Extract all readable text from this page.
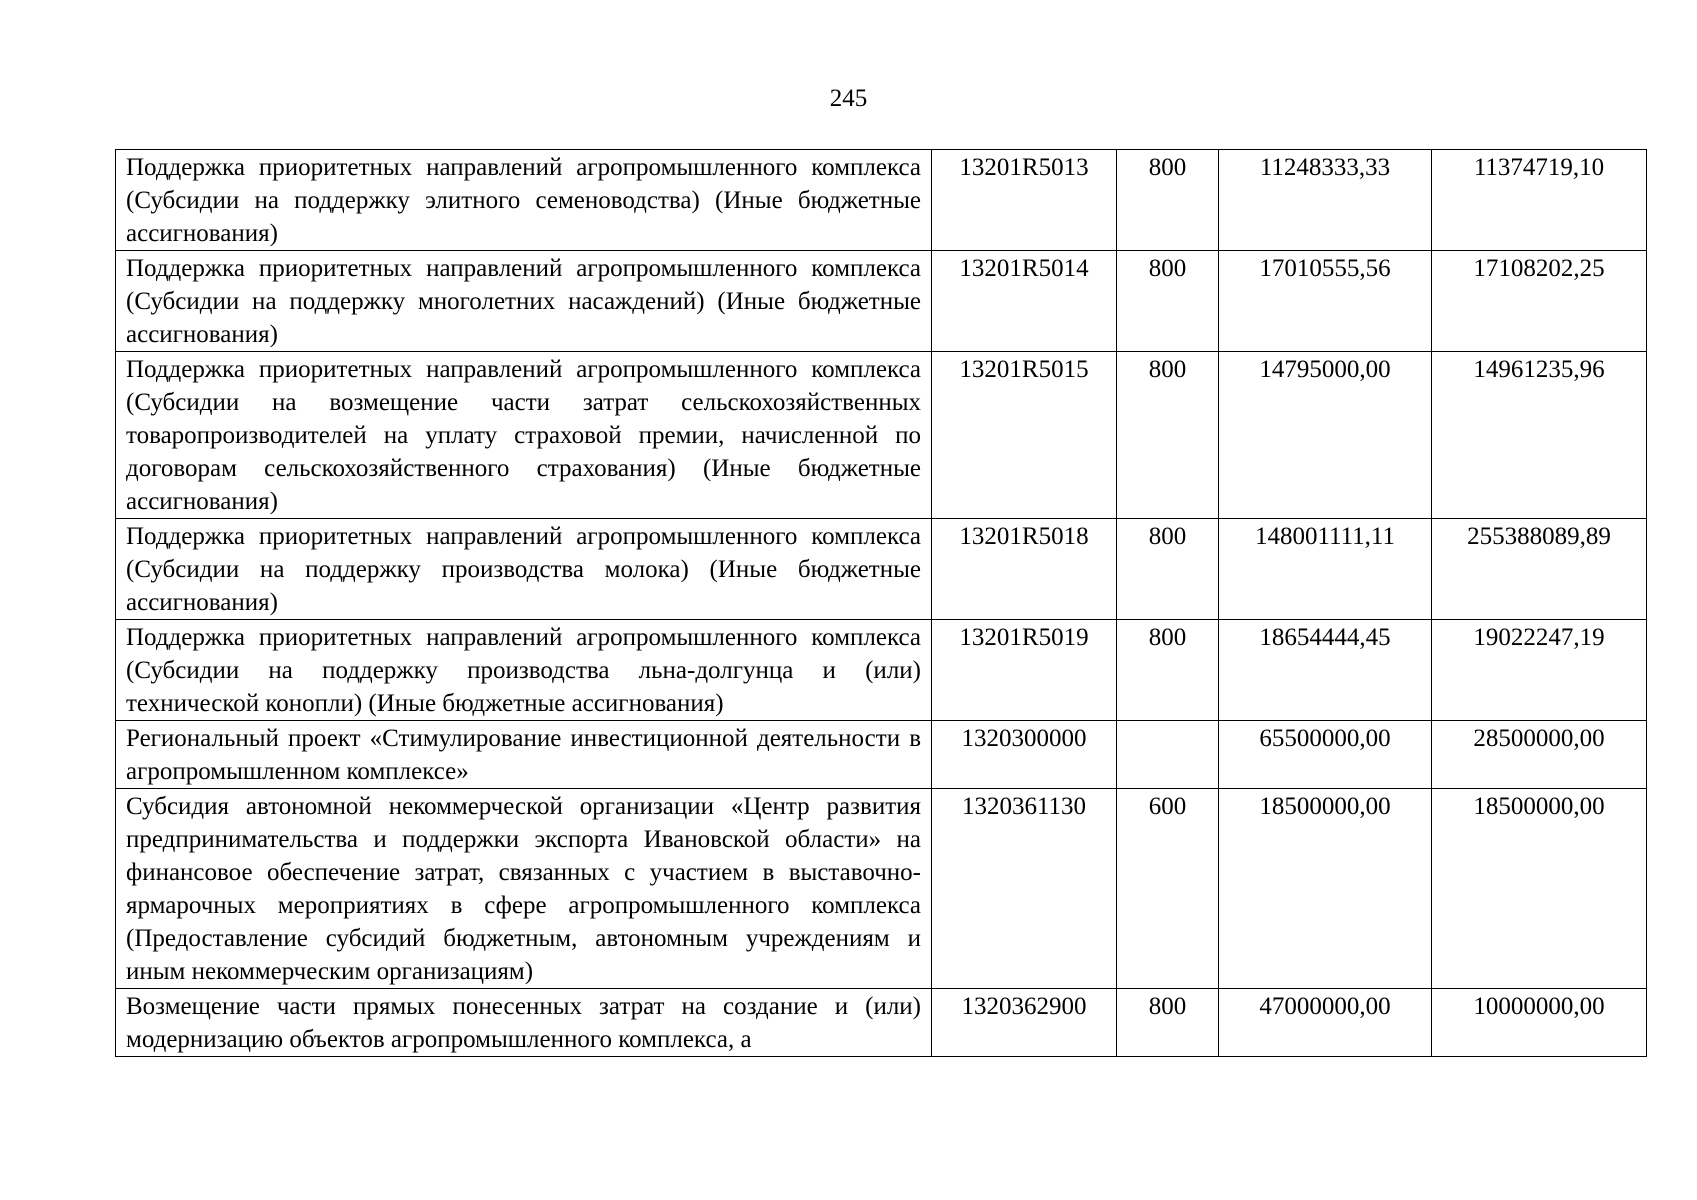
245
Поддержка приоритетных направлений агропромышленного комплекса (Субсидии на поддержку элитного семеноводства) (Иные бюджетные ассигнования)	13201R5013	800	11248333,33	11374719,10
Поддержка приоритетных направлений агропромышленного комплекса (Субсидии на поддержку многолетних насаждений) (Иные бюджетные ассигнования)	13201R5014	800	17010555,56	17108202,25
Поддержка приоритетных направлений агропромышленного комплекса (Субсидии на возмещение части затрат сельскохозяйственных товаропроизводителей на уплату страховой премии, начисленной по договорам сельскохозяйственного страхования) (Иные бюджетные ассигнования)	13201R5015	800	14795000,00	14961235,96
Поддержка приоритетных направлений агропромышленного комплекса (Субсидии на поддержку производства молока) (Иные бюджетные ассигнования)	13201R5018	800	148001111,11	255388089,89
Поддержка приоритетных направлений агропромышленного комплекса (Субсидии на поддержку производства льна-долгунца и (или) технической конопли) (Иные бюджетные ассигнования)	13201R5019	800	18654444,45	19022247,19
Региональный проект «Стимулирование инвестиционной деятельности в агропромышленном комплексе»	1320300000		65500000,00	28500000,00
Субсидия автономной некоммерческой организации «Центр развития предпринимательства и поддержки экспорта Ивановской области» на финансовое обеспечение затрат, связанных с участием в выставочно-ярмарочных мероприятиях в сфере агропромышленного комплекса (Предоставление субсидий бюджетным, автономным учреждениям и иным некоммерческим организациям)	1320361130	600	18500000,00	18500000,00
Возмещение части прямых понесенных затрат на создание и (или) модернизацию объектов агропромышленного комплекса, а	1320362900	800	47000000,00	10000000,00
